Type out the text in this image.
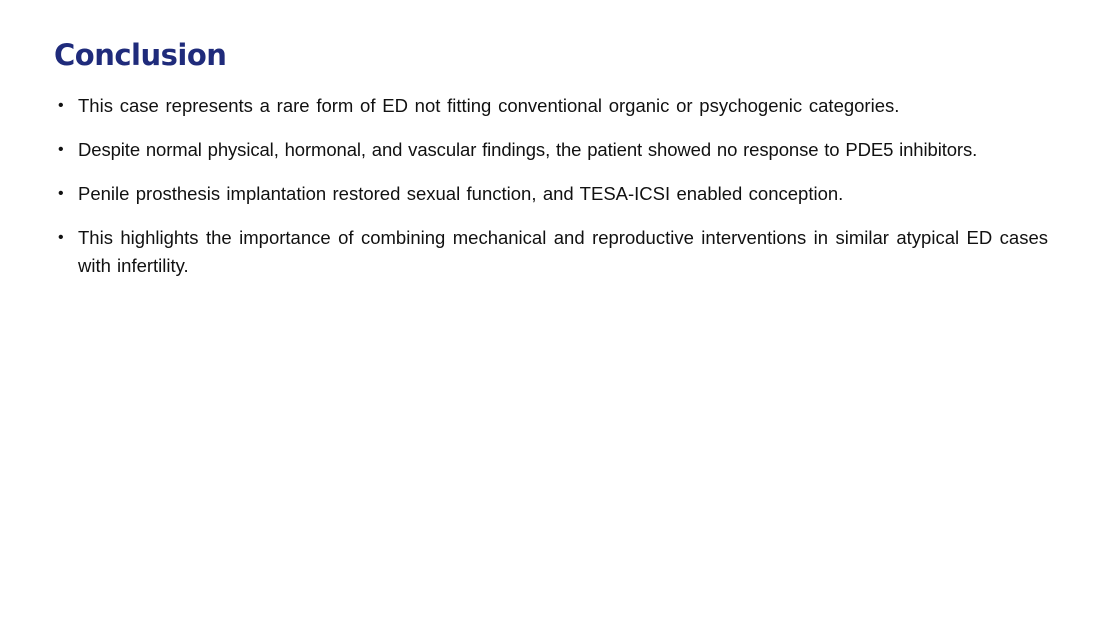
Conclusion
• This case represents a rare form of ED not fitting conventional organic or psychogenic categories.
• Despite normal physical, hormonal, and vascular findings, the patient showed no response to PDE5 inhibitors.
• Penile prosthesis implantation restored sexual function, and TESA-ICSI enabled conception.
• This highlights the importance of combining mechanical and reproductive interventions in similar atypical ED cases with infertility.
